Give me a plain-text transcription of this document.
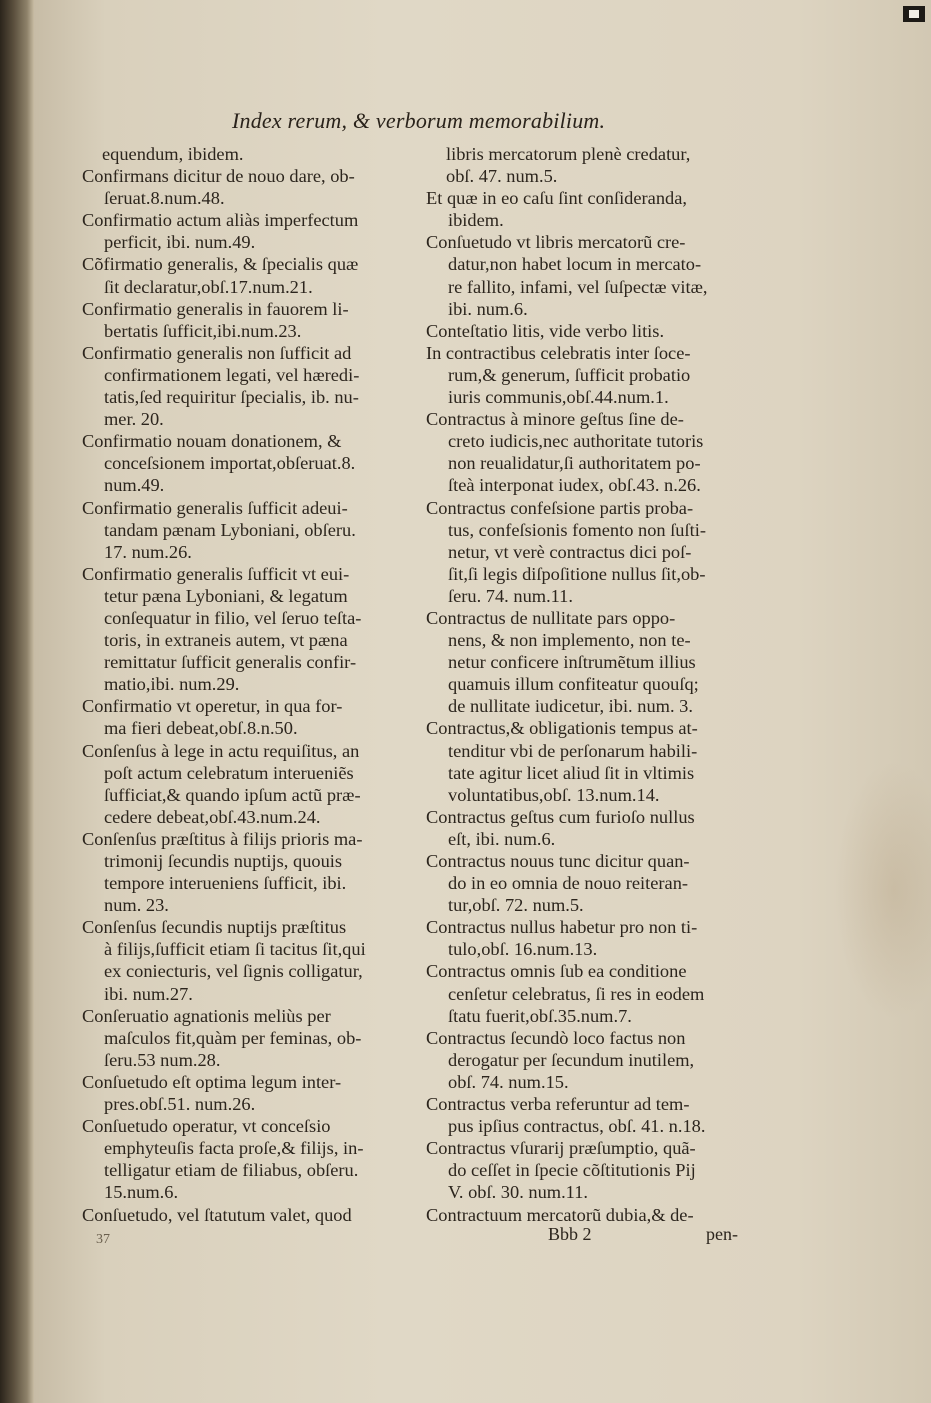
Index rerum, & verborum memorabilium.
equendum, ibidem.
Confirmans dicitur de nouo dare, ob-
ſeruat.8.num.48.
Confirmatio actum aliàs imperfectum
perficit, ibi. num.49.
Cõfirmatio generalis, & ſpecialis quæ
ſit declaratur,obſ.17.num.21.
Confirmatio generalis in fauorem li-
bertatis ſufficit,ibi.num.23.
Confirmatio generalis non ſufficit ad
confirmationem legati, vel hæredi-
tatis,ſed requiritur ſpecialis, ib. nu-
mer. 20.
Confirmatio nouam donationem, &
conceſsionem importat,obſeruat.8.
num.49.
Confirmatio generalis ſufficit adeui-
tandam pænam Lyboniani, obſeru.
17. num.26.
Confirmatio generalis ſufficit vt eui-
tetur pæna Lyboniani, & legatum
conſequatur in filio, vel ſeruo teſta-
toris, in extraneis autem, vt pæna
remittatur ſufficit generalis confir-
matio,ibi. num.29.
Confirmatio vt operetur, in qua for-
ma fieri debeat,obſ.8.n.50.
Conſenſus à lege in actu requiſitus, an
poſt actum celebratum interueniẽs
ſufficiat,& quando ipſum actũ præ-
cedere debeat,obſ.43.num.24.
Conſenſus præſtitus à filijs prioris ma-
trimonij ſecundis nuptijs, quouis
tempore interueniens ſufficit, ibi.
num. 23.
Conſenſus ſecundis nuptijs præſtitus
à filijs,ſufficit etiam ſi tacitus ſit,qui
ex coniecturis, vel ſignis colligatur,
ibi. num.27.
Conſeruatio agnationis meliùs per
maſculos fit,quàm per feminas, ob-
ſeru.53 num.28.
Conſuetudo eſt optima legum inter-
pres.obſ.51. num.26.
Conſuetudo operatur, vt conceſsio
emphyteuſis facta proſe,& filijs, in-
telligatur etiam de filiabus, obſeru.
15.num.6.
Conſuetudo, vel ſtatutum valet, quod
libris mercatorum plenè credatur,
obſ. 47. num.5.
Et quæ in eo caſu ſint conſideranda,
ibidem.
Conſuetudo vt libris mercatorũ cre-
datur,non habet locum in mercato-
re fallito, infami, vel ſuſpectæ vitæ,
ibi. num.6.
Conteſtatio litis, vide verbo litis.
In contractibus celebratis inter ſoce-
rum,& generum, ſufficit probatio
iuris communis,obſ.44.num.1.
Contractus à minore geſtus ſine de-
creto iudicis,nec authoritate tutoris
non reualidatur,ſi authoritatem po-
ſteà interponat iudex, obſ.43. n.26.
Contractus confeſsione partis proba-
tus, confeſsionis fomento non ſuſti-
netur, vt verè contractus dici poſ-
ſit,ſi legis diſpoſitione nullus ſit,ob-
ſeru. 74. num.11.
Contractus de nullitate pars oppo-
nens, & non implemento, non te-
netur conficere inſtrumẽtum illius
quamuis illum confiteatur quouſq;
de nullitate iudicetur, ibi. num. 3.
Contractus,& obligationis tempus at-
tenditur vbi de perſonarum habili-
tate agitur licet aliud ſit in vltimis
voluntatibus,obſ. 13.num.14.
Contractus geſtus cum furioſo nullus
eſt, ibi. num.6.
Contractus nouus tunc dicitur quan-
do in eo omnia de nouo reiteran-
tur,obſ. 72. num.5.
Contractus nullus habetur pro non ti-
tulo,obſ. 16.num.13.
Contractus omnis ſub ea conditione
cenſetur celebratus, ſi res in eodem
ſtatu fuerit,obſ.35.num.7.
Contractus ſecundò loco factus non
derogatur per ſecundum inutilem,
obſ. 74. num.15.
Contractus verba referuntur ad tem-
pus ipſius contractus, obſ. 41. n.18.
Contractus vſurarij præſumptio, quã-
do ceſſet in ſpecie cõſtitutionis Pij
V. obſ. 30. num.11.
Contractuum mercatorũ dubia,& de-
37	Bbb 2	pen-
